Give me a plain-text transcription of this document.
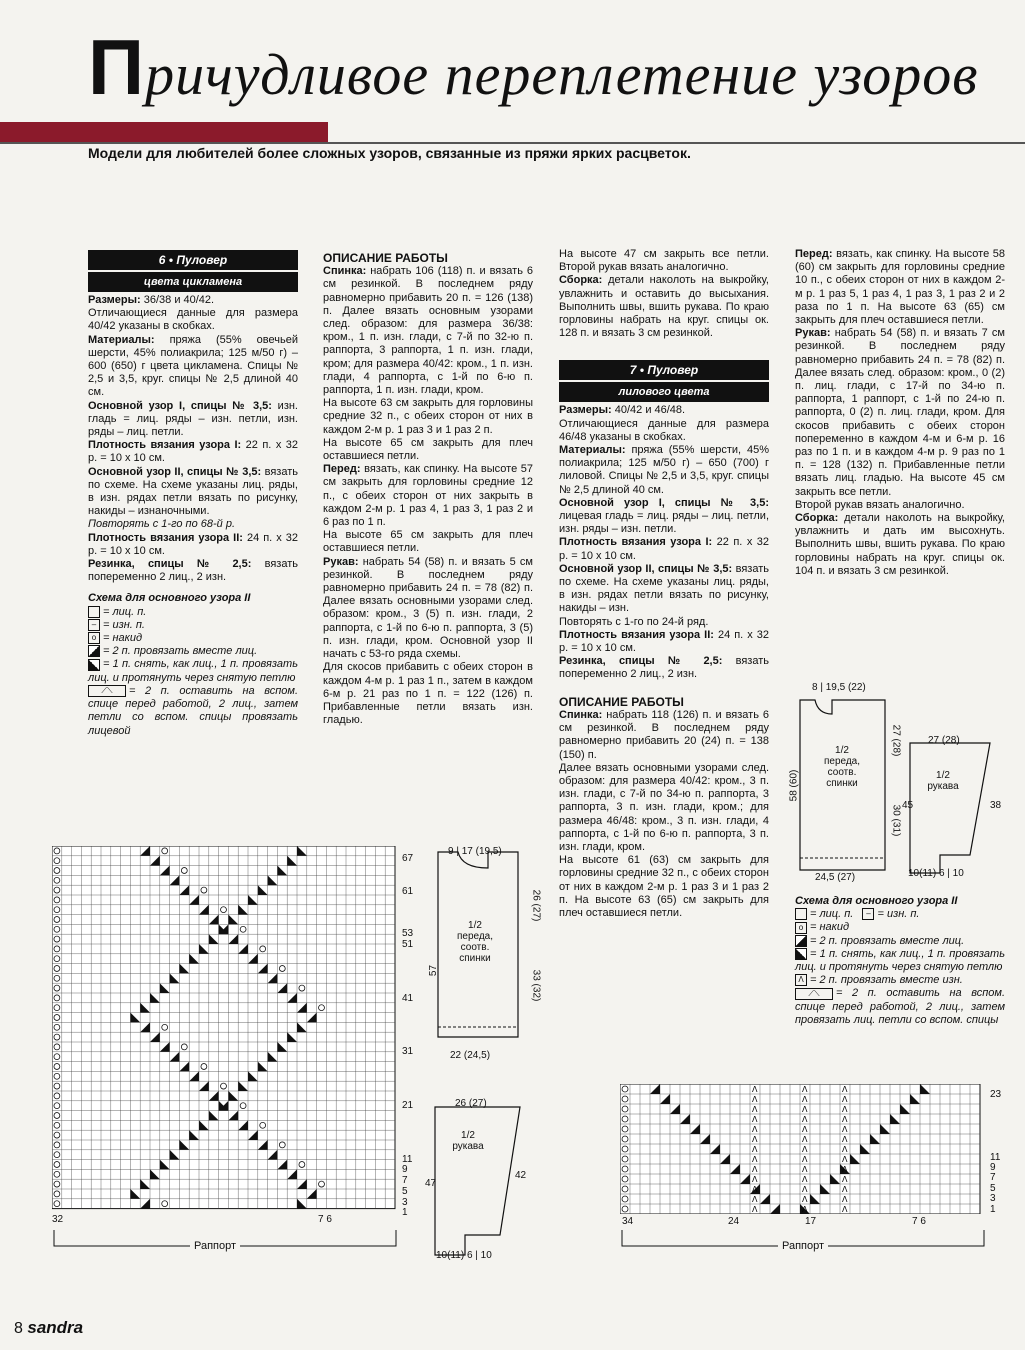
Причудливое переплетение узоров
Модели для любителей более сложных узоров, связанные из пряжи ярких расцветок.
6 • Пуловер
цвета цикламена

Размеры: 36/38 и 40/42.

Отличающиеся данные для размера 40/42 указаны в скобках.

Материалы: пряжа (55% овечьей шерсти, 45% полиакрила; 125 м/50 г) – 600 (650) г цвета цикламена. Спицы № 2,5 и 3,5, круг. спицы № 2,5 длиной 40 см.

Основной узор I, спицы № 3,5: изн. гладь = лиц. ряды – изн. петли, изн. ряды – лиц. петли.

Плотность вязания узора I: 22 п. x 32 р. = 10 x 10 см.

Основной узор II, спицы № 3,5: вязать по схеме. На схеме указаны лиц. ряды, в изн. рядах петли вязать по рисунку, накиды – изнаночными.

Повторять с 1-го по 68-й р.

Плотность вязания узора II: 24 п. x 32 р. = 10 x 10 см.

Резинка, спицы № 2,5: вязать попеременно 2 лиц., 2 изн.

Схема для основного узора II
= лиц. п.
– = изн. п.
o = накид
= 2 п. провязать вместе лиц.
= 1 п. снять, как лиц., 1 п. провязать лиц. и протянуть через снятую петлю
⟋⟍ = 2 п. оставить на вспом. спице перед работой, 2 лиц., затем петли со вспом. спицы провязать лицевой
ОПИСАНИЕ РАБОТЫ

Спинка: набрать 106 (118) п. и вязать 6 см резинкой. В последнем ряду равномерно прибавить 20 п. = 126 (138) п. Далее вязать основным узорами след. образом: для размера 36/38: кром., 1 п. изн. глади, с 7-й по 32-ю п. раппорта, 3 раппорта, 1 п. изн. глади, кром; для размера 40/42: кром., 1 п. изн. глади, 4 раппорта, с 1-й по 6-ю п. раппорта, 1 п. изн. глади, кром.

На высоте 63 см закрыть для горловины средние 32 п., с обеих сторон от них в каждом 2-м р. 1 раз 3 и 1 раз 2 п.

На высоте 65 см закрыть для плеч оставшиеся петли.

Перед: вязать, как спинку. На высоте 57 см закрыть для горловины средние 12 п., с обеих сторон от них закрыть в каждом 2-м р. 1 раз 4, 1 раз 3, 1 раз 2 и 6 раз по 1 п.

На высоте 65 см закрыть для плеч оставшиеся петли.

Рукав: набрать 54 (58) п. и вязать 5 см резинкой. В последнем ряду равномерно прибавить 24 п. = 78 (82) п. Далее вязать основными узорами след. образом: кром., 3 (5) п. изн. глади, 2 раппорта, с 1-й по 6-ю п. раппорта, 3 (5) п. изн. глади, кром. Основной узор II начать с 53-го ряда схемы.

Для скосов прибавить с обеих сторон в каждом 4-м р. 1 раз 1 п., затем в каждом 6-м р. 21 раз по 1 п. = 122 (126) п. Прибавленные петли вязать изн. гладью.

На высоте 47 см закрыть все петли. Второй рукав вязать аналогично.

Сборка: детали наколоть на выкройку, увлажнить и оставить до высыхания. Выполнить швы, вшить рукава. По краю горловины набрать на круг. спицы ок. 128 п. и вязать 3 см резинкой.

7 • Пуловер
лилового цвета

Размеры: 40/42 и 46/48.

Отличающиеся данные для размера 46/48 указаны в скобках.

Материалы: пряжа (55% шерсти, 45% полиакрила; 125 м/50 г) – 650 (700) г лиловой. Спицы № 2,5 и 3,5, круг. спицы № 2,5 длиной 40 см.

Основной узор I, спицы № 3,5: лицевая гладь = лиц. ряды – лиц. петли, изн. ряды – изн. петли.

Плотность вязания узора I: 22 п. x 32 р. = 10 x 10 см.

Основной узор II, спицы № 3,5: вязать по схеме. На схеме указаны лиц. ряды, в изн. рядах петли вязать по рисунку, накиды – изн.

Повторять с 1-го по 24-й ряд.

Плотность вязания узора II: 24 п. x 32 р. = 10 x 10 см.

Резинка, спицы № 2,5: вязать попеременно 2 лиц., 2 изн.

ОПИСАНИЕ РАБОТЫ

Спинка: набрать 118 (126) п. и вязать 6 см резинкой. В последнем ряду равномерно прибавить 20 (24) п. = 138 (150) п.

Далее вязать основными узорами след. образом: для размера 40/42: кром., 3 п. изн. глади, с 7-й по 34-ю п. раппорта, 3 раппорта, 3 п. изн. глади, кром.; для размера 46/48: кром., 3 п. изн. глади, 4 раппорта, с 1-й по 6-ю п. раппорта, 3 п. изн. глади, кром.

На высоте 61 (63) см закрыть для горловины средние 32 п., с обеих сторон от них в каждом 2-м р. 1 раз 3 и 1 раз 2 п. На высоте 63 (65) см закрыть для плеч оставшиеся петли.

Перед: вязать, как спинку. На высоте 58 (60) см закрыть для горловины средние 10 п., с обеих сторон от них в каждом 2-м р. 1 раз 5, 1 раз 4, 1 раз 3, 1 раз 2 и 2 раза по 1 п. На высоте 63 (65) см закрыть для плеч оставшиеся петли.

Рукав: набрать 54 (58) п. и вязать 7 см резинкой. В последнем ряду равномерно прибавить 24 п. = 78 (82) п. Далее вязать след. образом: кром., 0 (2) п. лиц. глади, с 17-й по 34-ю п. раппорта, 1 раппорт, с 1-й по 24-ю п. раппорта, 0 (2) п. лиц. глади, кром. Для скосов прибавить с обеих сторон попеременно в каждом 4-м и 6-м р. 16 раз по 1 п. и в каждом 4-м р. 9 раз по 1 п. = 128 (132) п. Прибавленные петли вязать лиц. гладью. На высоте 45 см закрыть все петли.

Второй рукав вязать аналогично.

Сборка: детали наколоть на выкройку, увлажнить и дать им высохнуть. Выполнить швы, вшить рукава. По краю горловины набрать на круг. спицы ок. 104 п. и вязать 3 см резинкой.

Схема для основного узора II
= лиц. п. – = изн. п.
o = накид
= 2 п. провязать вместе лиц.
= 1 п. снять, как лиц., 1 п. провязать лиц. и протянуть через снятую петлю
Λ = 2 п. провязать вместе изн.
⟋⟍ = 2 п. оставить на вспом. спице перед работой, 2 лиц., затем провязать лиц. петли со вспом. спицы
1/2
переда,
соотв.
спинки
9 | 17 (19,5)
22 (24,5)
57
26 (27)
33 (32)
1/2
рукава
26 (27)
10(11) 6 | 10
42
47
1/2
переда,
соотв.
спинки
8 | 19,5 (22)
24,5 (27)
58 (60)
27 (28)
30 (31)
1/2
рукава
27 (28)
10(11) 6 | 10
38
45
67
61
53
51
41
31
21
11
9
7
5
3
1
32	7 6
Раппорт
Λ	Λ	Λ
Λ	Λ	Λ
Λ	Λ	Λ
Λ	Λ	Λ
Λ	Λ	Λ
Λ	Λ	Λ
Λ	Λ	Λ
Λ	Λ	Λ
Λ	Λ	Λ
Λ	Λ	Λ
Λ	Λ	Λ
Λ	Λ	Λ
Λ	Λ	Λ
23
11
9
7
5
3
1
34	24	17	7 6
Раппорт
8 sandra
